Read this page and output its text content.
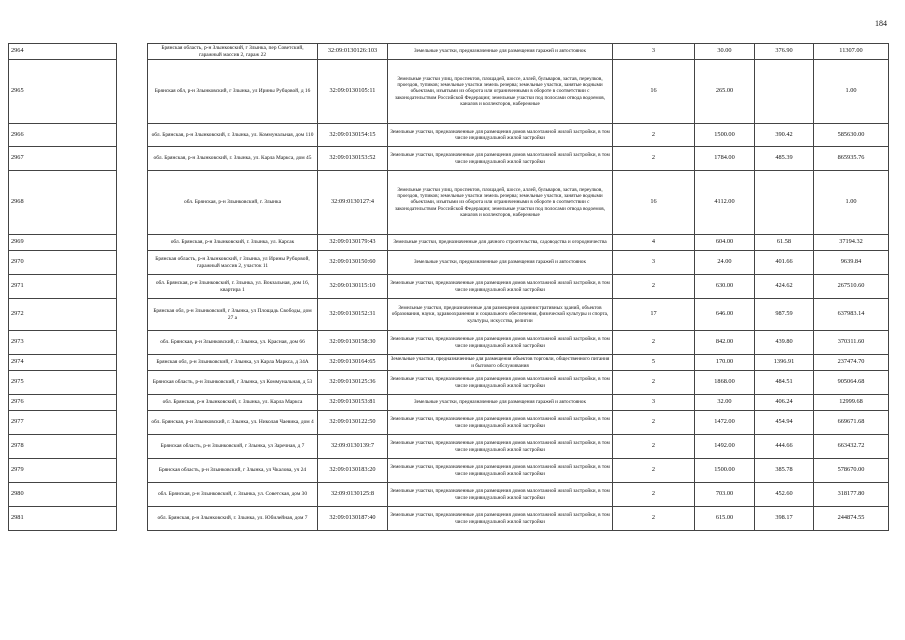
184
2964		Брянская область, р-н Злынковский, г Злынка, пер Советский, гаражный массив 2, гараж 22	32:09:0130126:103	Земельные участки, предназначенные для размещения гаражей и автостоянок	3	30.00	376.90	11307.00
2965		Брянская обл, р-н Злынковский, г Злынка, ул Ирины Рубцовой, д 16	32:09:0130105:11	Земельные участки улиц, проспектов, площадей, шоссе, аллей, бульваров, застав, переулков, проездов, тупиков; земельные участки земель резерва; земельные участки, занятые водными объектами, изъятыми из оборота или ограниченными в обороте в соответствии с законодательством Российской Федерации; земельные участки под полосами отвода водоемов, каналов и коллекторов, набережные	16	265.00		1.00
2966		обл. Брянская, р-н Злынковский, г. Злынка, ул. Коммунальная, дом 110	32:09:0130154:15	Земельные участки, предназначенные для размещения домов малоэтажной жилой застройки, в том числе индивидуальной жилой застройки	2	1500.00	390.42	585630.00
2967		обл. Брянская, р-н Злынковский, г. Злынка, ул. Карла Маркса, дом 45	32:09:0130153:52	Земельные участки, предназначенные для размещения домов малоэтажной жилой застройки, в том числе индивидуальной жилой застройки	2	1784.00	485.39	865935.76
2968		обл. Брянская, р-н Злынковский, г. Злынка	32:09:0130127:4	Земельные участки улиц, проспектов, площадей, шоссе, аллей, бульваров, застав, переулков, проездов, тупиков; земельные участки земель резерва; земельные участки, занятые водными объектами, изъятыми из оборота или ограниченными в обороте в соответствии с законодательством Российской Федерации; земельные участки под полосами отвода водоемов, каналов и коллекторов, набережные	16	4112.00		1.00
2969		обл. Брянская, р-н Злынковский, г. Злынка, ул. Карсак	32:09:0130179:43	Земельные участки, предназначенные для дачного строительства, садоводства и огородничества	4	604.00	61.58	37194.32
2970		Брянская область, р-н Злынковский, г Злынка, ул Ирины Рубцовой, гаражный массив 2, участок 11	32:09:0130150:60	Земельные участки, предназначенные для размещения гаражей и автостоянок	3	24.00	401.66	9639.84
2971		обл. Брянская, р-н Злынковский, г. Злынка, ул. Вокзальная, дом 16, квартира 1	32:09:0130115:10	Земельные участки, предназначенные для размещения домов малоэтажной жилой застройки, в том числе индивидуальной жилой застройки	2	630.00	424.62	267510.60
2972		Брянская обл, р-н Злынковский, г Злынка, ул Площадь Свободы, дом 27 а	32:09:0130152:31	Земельные участки, предназначенные для размещения административных зданий, объектов образования, науки, здравоохранения и социального обеспечения, физической культуры и спорта, культуры, искусства, религии	17	646.00	987.59	637983.14
2973		обл. Брянская, р-н Злынковский, г. Злынка, ул. Красная, дом 66	32:09:0130158:30	Земельные участки, предназначенные для размещения домов малоэтажной жилой застройки, в том числе индивидуальной жилой застройки	2	842.00	439.80	370311.60
2974		Брянская обл, р-н Злынковский, г Злынка, ул Карла Маркса, д 34А	32:09:0130164:65	Земельные участки, предназначенные для размещения объектов торговли, общественного питания и бытового обслуживания	5	170.00	1396.91	237474.70
2975		Брянская область, р-н Злынковский, г Злынка, ул Коммунальная, д 53	32:09:0130125:36	Земельные участки, предназначенные для размещения домов малоэтажной жилой застройки, в том числе индивидуальной жилой застройки	2	1868.00	484.51	905064.68
2976		обл. Брянская, р-н Злынковский, г. Злынка, ул. Карла Маркса	32:09:0130153:81	Земельные участки, предназначенные для размещения гаражей и автостоянок	3	32.00	406.24	12999.68
2977		обл. Брянская, р-н Злынковский, г. Злынка, ул. Николая Чаевика, дом 4	32:09:0130122:50	Земельные участки, предназначенные для размещения домов малоэтажной жилой застройки, в том числе индивидуальной жилой застройки	2	1472.00	454.94	669671.68
2978		Брянская область, р-н Злынковский, г Злынка, ул Заречная, д 7	32:09:0130139:7	Земельные участки, предназначенные для размещения домов малоэтажной жилой застройки, в том числе индивидуальной жилой застройки	2	1492.00	444.66	663432.72
2979		Брянская область, р-н Злынковский, г Злынка, ул Чкалова, уч 24	32:09:0130183:20	Земельные участки, предназначенные для размещения домов малоэтажной жилой застройки, в том числе индивидуальной жилой застройки	2	1500.00	385.78	578670.00
2980		обл. Брянская, р-н Злынковский, г. Злынка, ул. Советская, дом 30	32:09:0130125:8	Земельные участки, предназначенные для размещения домов малоэтажной жилой застройки, в том числе индивидуальной жилой застройки	2	703.00	452.60	318177.80
2981		обл. Брянская, р-н Злынковский, г. Злынка, ул. Юбилейная, дом 7	32:09:0130187:40	Земельные участки, предназначенные для размещения домов малоэтажной жилой застройки, в том числе индивидуальной жилой застройки	2	615.00	398.17	244874.55
